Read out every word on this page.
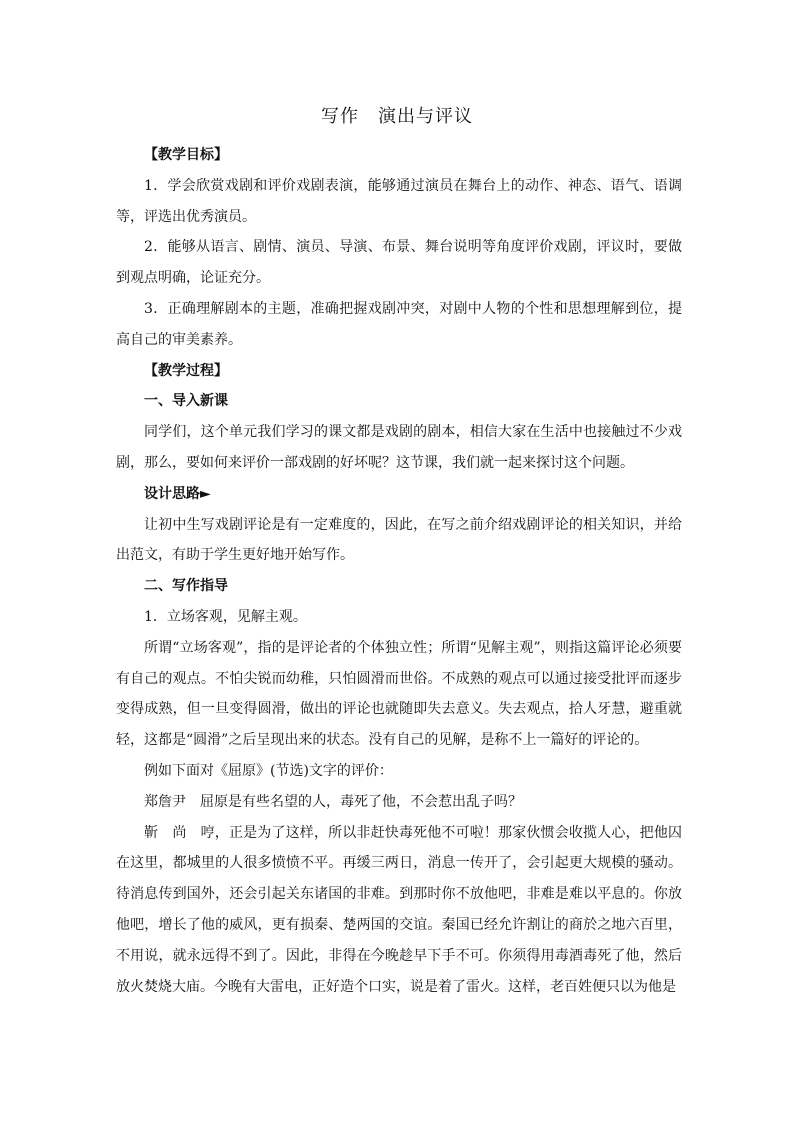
写作　演出与评议

【教学目标】

1．学会欣赏戏剧和评价戏剧表演，能够通过演员在舞台上的动作、神态、语气、语调等，评选出优秀演员。

2．能够从语言、剧情、演员、导演、布景、舞台说明等角度评价戏剧，评议时，要做到观点明确，论证充分。

3．正确理解剧本的主题，准确把握戏剧冲突，对剧中人物的个性和思想理解到位，提高自己的审美素养。

【教学过程】

一、导入新课

同学们，这个单元我们学习的课文都是戏剧的剧本，相信大家在生活中也接触过不少戏剧，那么，要如何来评价一部戏剧的好坏呢？这节课，我们就一起来探讨这个问题。

设计思路►

让初中生写戏剧评论是有一定难度的，因此，在写之前介绍戏剧评论的相关知识，并给出范文，有助于学生更好地开始写作。

二、写作指导

1．立场客观，见解主观。

所谓“立场客观”，指的是评论者的个体独立性；所谓“见解主观”，则指这篇评论必须要有自己的观点。不怕尖锐而幼稚，只怕圆滑而世俗。不成熟的观点可以通过接受批评而逐步变得成熟，但一旦变得圆滑，做出的评论也就随即失去意义。失去观点，拾人牙慧，避重就轻，这都是“圆滑”之后呈现出来的状态。没有自己的见解，是称不上一篇好的评论的。

例如下面对《屈原》(节选)文字的评价：

郑詹尹　屈原是有些名望的人，毒死了他，不会惹出乱子吗？

靳　尚　哼，正是为了这样，所以非赶快毒死他不可啦！那家伙惯会收揽人心，把他囚在这里，都城里的人很多愤愤不平。再缓三两日，消息一传开了，会引起更大规模的骚动。待消息传到国外，还会引起关东诸国的非难。到那时你不放他吧，非难是难以平息的。你放他吧，增长了他的威风，更有损秦、楚两国的交谊。秦国已经允许割让的商於之地六百里，不用说，就永远得不到了。因此，非得在今晚趁早下手不可。你须得用毒酒毒死了他，然后放火焚烧大庙。今晚有大雷电，正好造个口实，说是着了雷火。这样，老百姓便只以为他是
